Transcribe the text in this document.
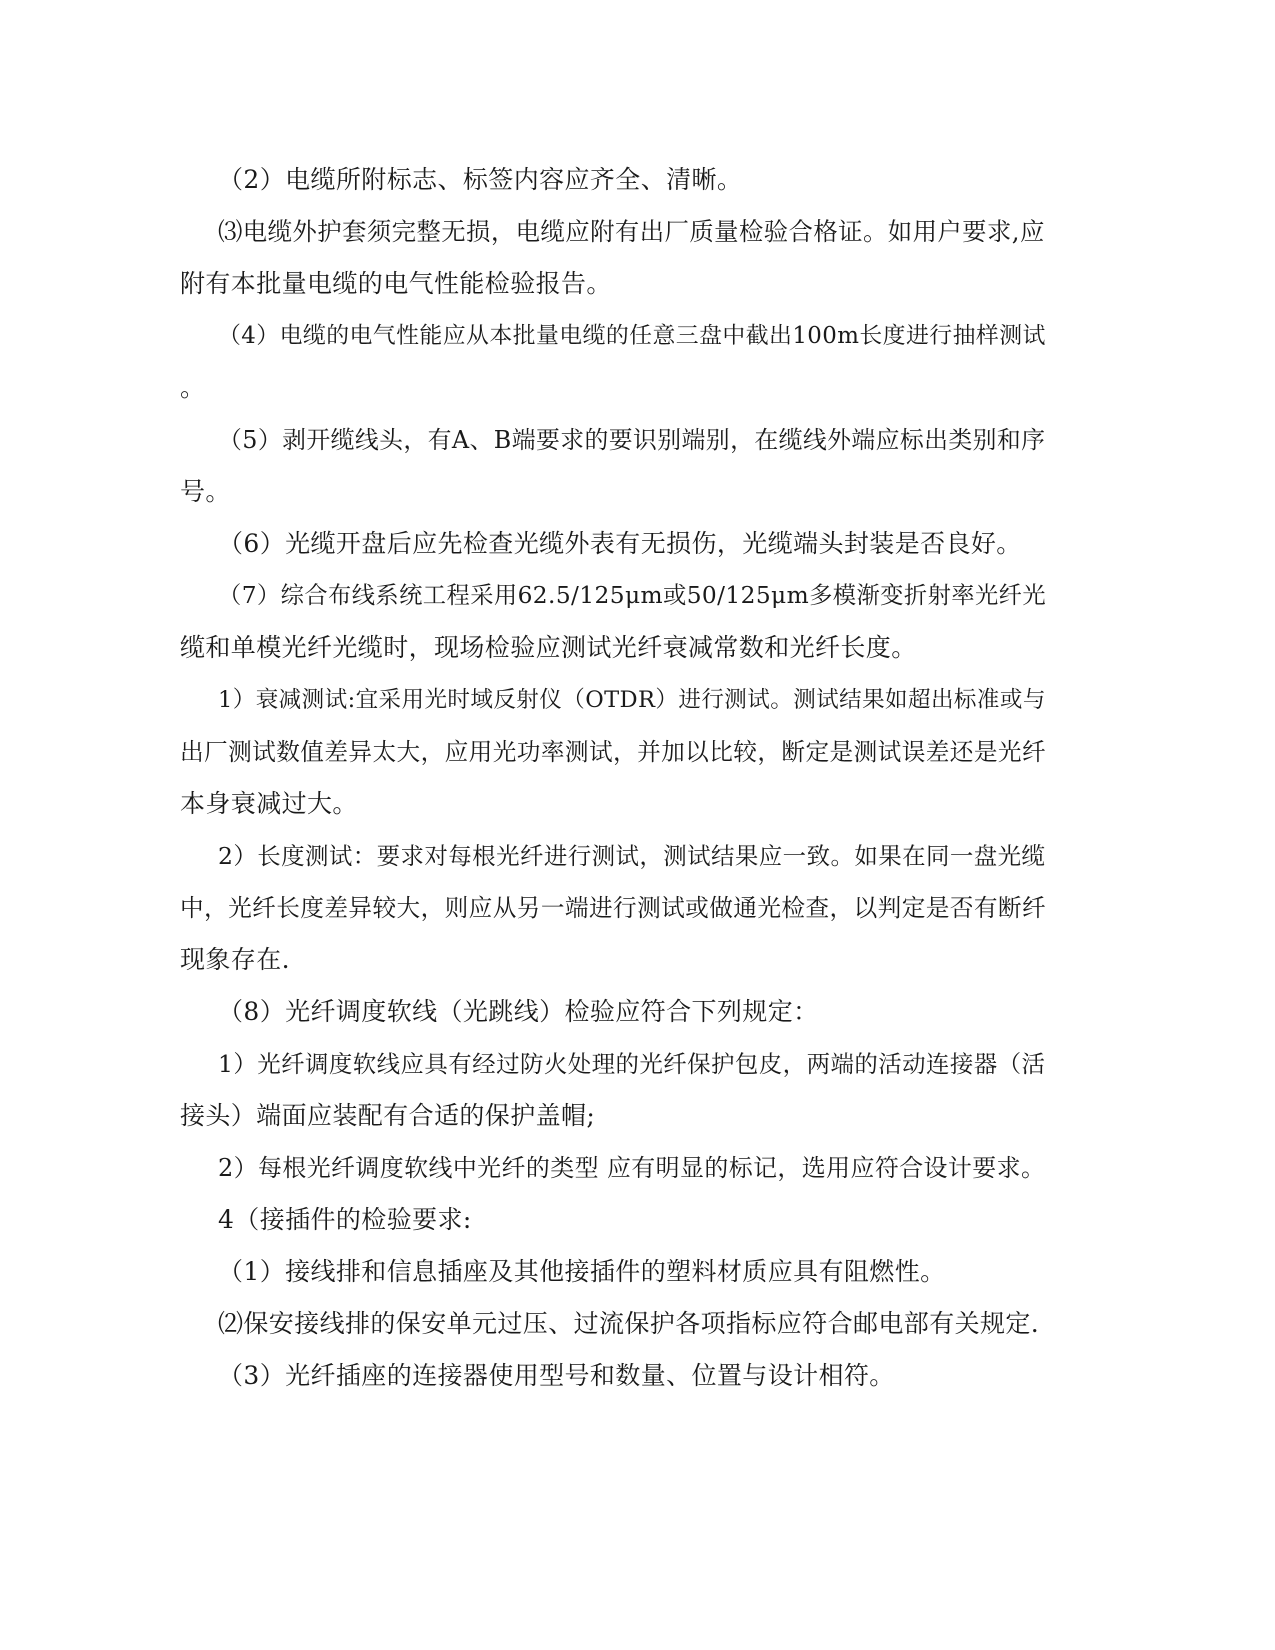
（2）电缆所附标志、标签内容应齐全、清晰。
⑶电缆外护套须完整无损，电缆应附有出厂质量检验合格证。如用户要求,应
附有本批量电缆的电气性能检验报告。
（4）电缆的电气性能应从本批量电缆的任意三盘中截出100m长度进行抽样测试
。
（5）剥开缆线头，有A、B端要求的要识别端别，在缆线外端应标出类别和序
号。
（6）光缆开盘后应先检查光缆外表有无损伤，光缆端头封装是否良好。
（7）综合布线系统工程采用62.5/125μm或50/125μm多模渐变折射率光纤光
缆和单模光纤光缆时，现场检验应测试光纤衰减常数和光纤长度。
1）衰减测试:宜采用光时域反射仪（OTDR）进行测试。测试结果如超出标准或与
出厂测试数值差异太大，应用光功率测试，并加以比较，断定是测试误差还是光纤
本身衰减过大。
2）长度测试：要求对每根光纤进行测试，测试结果应一致。如果在同一盘光缆
中，光纤长度差异较大，则应从另一端进行测试或做通光检查，以判定是否有断纤
现象存在.
（8）光纤调度软线（光跳线）检验应符合下列规定：
1）光纤调度软线应具有经过防火处理的光纤保护包皮，两端的活动连接器（活
接头）端面应装配有合适的保护盖帽;
2）每根光纤调度软线中光纤的类型 应有明显的标记，选用应符合设计要求。
4（接插件的检验要求:
（1）接线排和信息插座及其他接插件的塑料材质应具有阻燃性。
⑵保安接线排的保安单元过压、过流保护各项指标应符合邮电部有关规定.
（3）光纤插座的连接器使用型号和数量、位置与设计相符。
